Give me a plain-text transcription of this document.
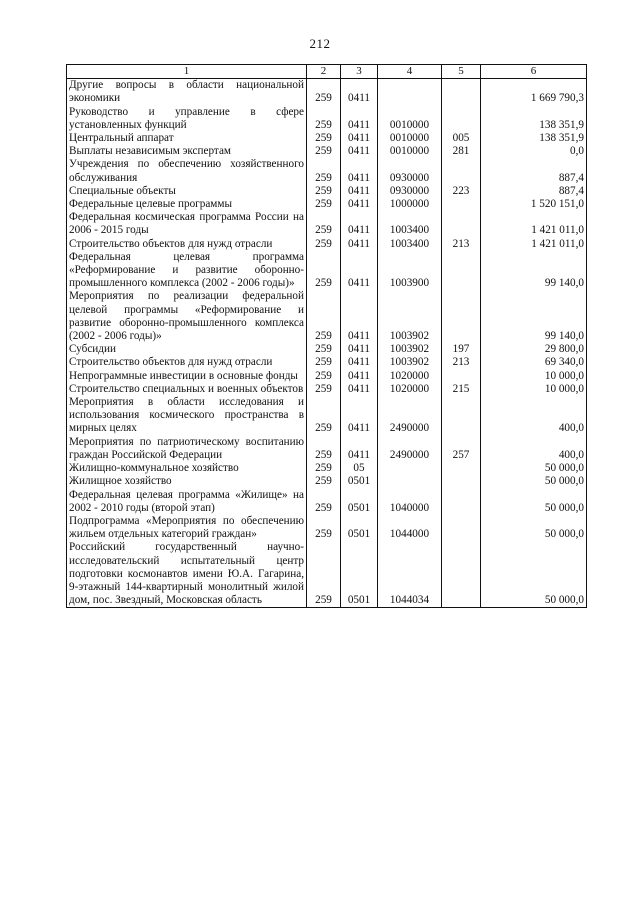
212
1	2	3	4	5	6
Другие вопросы в области национальной экономики	259	0411			1 669 790,3
Руководство и управление в сфере установленных функций	259	0411	0010000		138 351,9
Центральный аппарат	259	0411	0010000	005	138 351,9
Выплаты независимым экспертам	259	0411	0010000	281	0,0
Учреждения по обеспечению хозяйственного обслуживания	259	0411	0930000		887,4
Специальные объекты	259	0411	0930000	223	887,4
Федеральные целевые программы	259	0411	1000000		1 520 151,0
Федеральная космическая программа России на 2006 - 2015 годы	259	0411	1003400		1 421 011,0
Строительство объектов для нужд отрасли	259	0411	1003400	213	1 421 011,0
Федеральная целевая программа «Реформирование и развитие оборонно-промышленного комплекса (2002 - 2006 годы)»	259	0411	1003900		99 140,0
Мероприятия по реализации федеральной целевой программы «Реформирование и развитие оборонно-промышленного комплекса (2002 - 2006 годы)»	259	0411	1003902		99 140,0
Субсидии	259	0411	1003902	197	29 800,0
Строительство объектов для нужд отрасли	259	0411	1003902	213	69 340,0
Непрограммные инвестиции в основные фонды	259	0411	1020000		10 000,0
Строительство специальных и военных объектов	259	0411	1020000	215	10 000,0
Мероприятия в области исследования и использования космического пространства в мирных целях	259	0411	2490000		400,0
Мероприятия по патриотическому воспитанию граждан Российской Федерации	259	0411	2490000	257	400,0
Жилищно-коммунальное хозяйство	259	05			50 000,0
Жилищное хозяйство	259	0501			50 000,0
Федеральная целевая программа «Жилище» на 2002 - 2010 годы (второй этап)	259	0501	1040000		50 000,0
Подпрограмма «Мероприятия по обеспечению жильем отдельных категорий граждан»	259	0501	1044000		50 000,0
Российский государственный научно-исследовательский испытательный центр подготовки космонавтов имени Ю.А. Гагарина, 9-этажный 144-квартирный монолитный жилой дом, пос. Звездный, Московская область	259	0501	1044034		50 000,0
